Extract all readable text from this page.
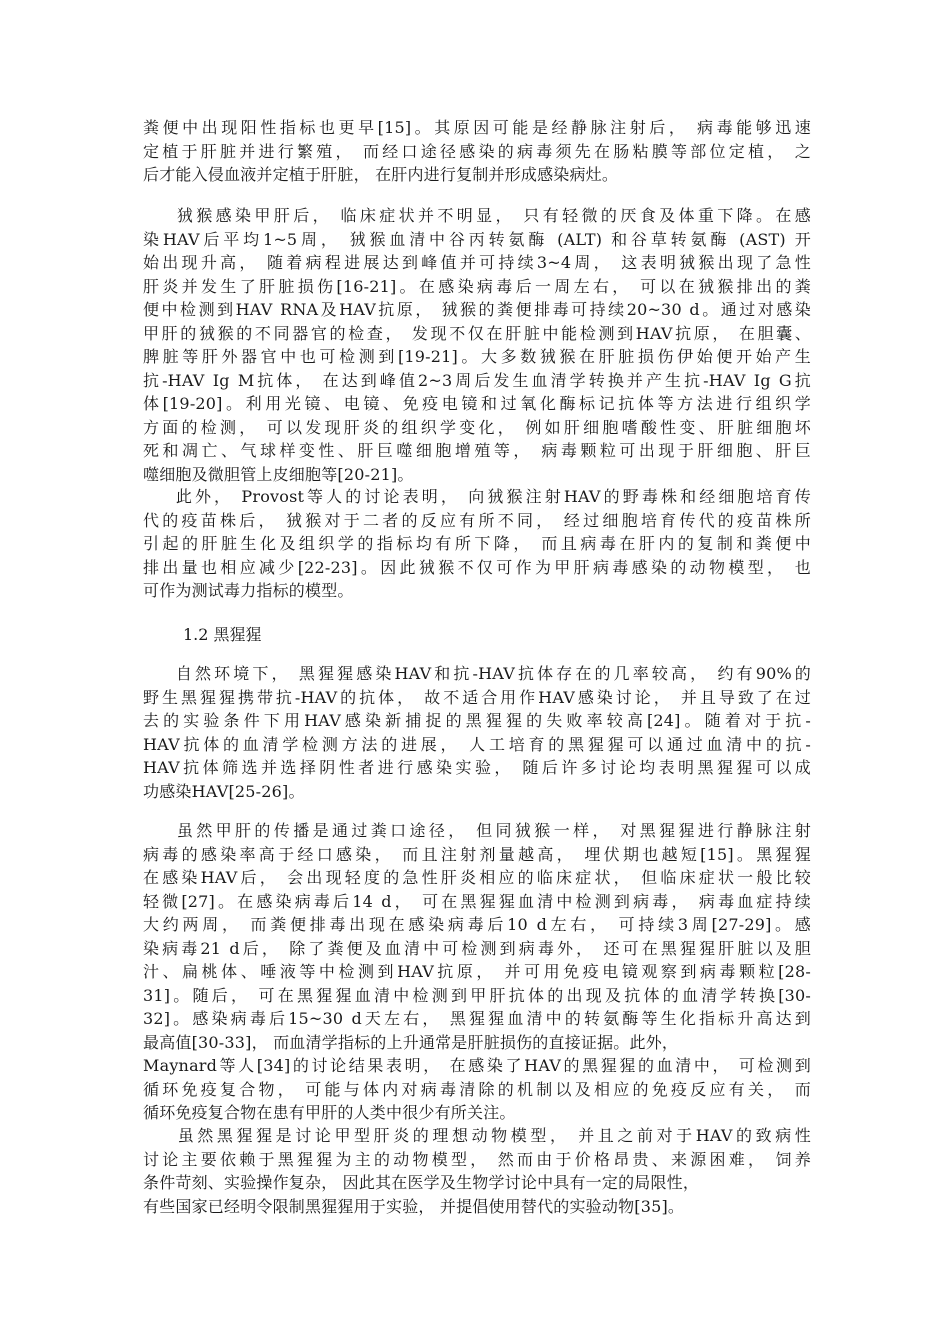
粪便中出现阳性指标也更早[15]。其原因可能是经静脉注射后， 病毒能够迅速
定植于肝脏并进行繁殖， 而经口途径感染的病毒须先在肠粘膜等部位定植， 之
后才能入侵血液并定植于肝脏， 在肝内进行复制并形成感染病灶。
狨猴感染甲肝后， 临床症状并不明显， 只有轻微的厌食及体重下降。在感
染HAV后平均1~5周， 狨猴血清中谷丙转氨酶 (ALT) 和谷草转氨酶 (AST) 开
始出现升高， 随着病程进展达到峰值并可持续3~4周， 这表明狨猴出现了急性
肝炎并发生了肝脏损伤[16-21]。在感染病毒后一周左右， 可以在狨猴排出的粪
便中检测到HAV RNA及HAV抗原， 狨猴的粪便排毒可持续20~30 d。通过对感染
甲肝的狨猴的不同器官的检查， 发现不仅在肝脏中能检测到HAV抗原， 在胆囊、
脾脏等肝外器官中也可检测到[19-21]。大多数狨猴在肝脏损伤伊始便开始产生
抗-HAV Ig M抗体， 在达到峰值2~3周后发生血清学转换并产生抗-HAV Ig G抗
体[19-20]。利用光镜、电镜、免疫电镜和过氧化酶标记抗体等方法进行组织学
方面的检测， 可以发现肝炎的组织学变化， 例如肝细胞嗜酸性变、肝脏细胞坏
死和凋亡、气球样变性、肝巨噬细胞增殖等， 病毒颗粒可出现于肝细胞、肝巨
噬细胞及微胆管上皮细胞等[20-21]。
此外， Provost等人的讨论表明， 向狨猴注射HAV的野毒株和经细胞培育传
代的疫苗株后， 狨猴对于二者的反应有所不同， 经过细胞培育传代的疫苗株所
引起的肝脏生化及组织学的指标均有所下降， 而且病毒在肝内的复制和粪便中
排出量也相应减少[22-23]。因此狨猴不仅可作为甲肝病毒感染的动物模型， 也
可作为测试毒力指标的模型。
1.2 黑猩猩
自然环境下， 黑猩猩感染HAV和抗-HAV抗体存在的几率较高， 约有90%的
野生黑猩猩携带抗-HAV的抗体， 故不适合用作HAV感染讨论， 并且导致了在过
去的实验条件下用HAV感染新捕捉的黑猩猩的失败率较高[24]。随着对于抗-
HAV抗体的血清学检测方法的进展， 人工培育的黑猩猩可以通过血清中的抗-
HAV抗体筛选并选择阴性者进行感染实验， 随后许多讨论均表明黑猩猩可以成
功感染HAV[25-26]。
虽然甲肝的传播是通过粪口途径， 但同狨猴一样， 对黑猩猩进行静脉注射
病毒的感染率高于经口感染， 而且注射剂量越高， 埋伏期也越短[15]。黑猩猩
在感染HAV后， 会出现轻度的急性肝炎相应的临床症状， 但临床症状一般比较
轻微[27]。在感染病毒后14 d， 可在黑猩猩血清中检测到病毒， 病毒血症持续
大约两周， 而粪便排毒出现在感染病毒后10 d左右， 可持续3周[27-29]。感
染病毒21 d后， 除了粪便及血清中可检测到病毒外， 还可在黑猩猩肝脏以及胆
汁、扁桃体、唾液等中检测到HAV抗原， 并可用免疫电镜观察到病毒颗粒[28-
31]。随后， 可在黑猩猩血清中检测到甲肝抗体的出现及抗体的血清学转换[30-
32]。感染病毒后15~30 d天左右， 黑猩猩血清中的转氨酶等生化指标升高达到
最高值[30-33]， 而血清学指标的上升通常是肝脏损伤的直接证据。此外，
Maynard等人[34]的讨论结果表明， 在感染了HAV的黑猩猩的血清中， 可检测到
循环免疫复合物， 可能与体内对病毒清除的机制以及相应的免疫反应有关， 而
循环免疫复合物在患有甲肝的人类中很少有所关注。
虽然黑猩猩是讨论甲型肝炎的理想动物模型， 并且之前对于HAV的致病性
讨论主要依赖于黑猩猩为主的动物模型， 然而由于价格昂贵、来源困难， 饲养
条件苛刻、实验操作复杂， 因此其在医学及生物学讨论中具有一定的局限性，
有些国家已经明令限制黑猩猩用于实验， 并提倡使用替代的实验动物[35]。
